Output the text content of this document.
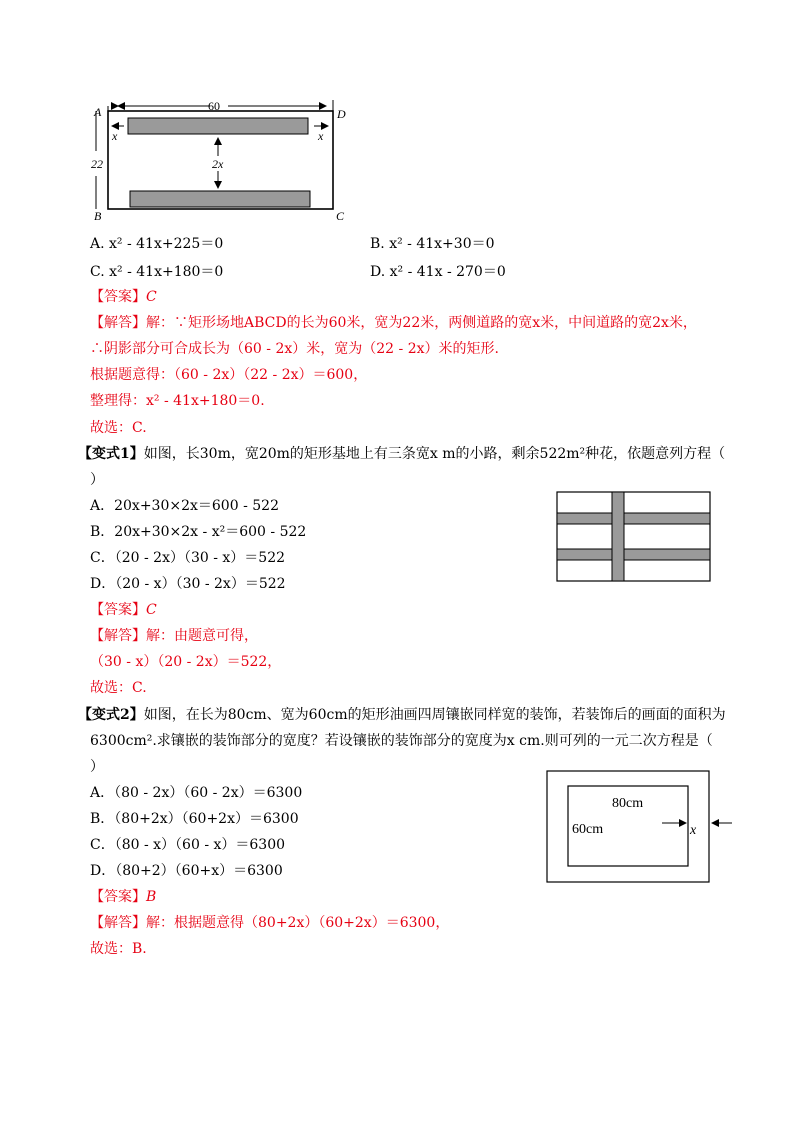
60
A	D
B	C
22	2x
x	x
A. x² - 41x+225＝0	B. x² - 41x+30＝0
C. x² - 41x+180＝0	D. x² - 41x - 270＝0
【答案】C
【解答】解：∵矩形场地ABCD的长为60米，宽为22米，两侧道路的宽x米，中间道路的宽2x米，
∴阴影部分可合成长为（60 - 2x）米，宽为（22 - 2x）米的矩形.
根据题意得：（60 - 2x）（22 - 2x）＝600，
整理得：x² - 41x+180＝0.
故选：C.
【变式1】如图，长30m，宽20m的矩形基地上有三条宽x m的小路，剩余522m²种花，依题意列方程（
）
A．20x+30×2x＝600 - 522
B．20x+30×2x - x²＝600 - 522
C．（20 - 2x）（30 - x）＝522
D．（20 - x）（30 - 2x）＝522
【答案】C
【解答】解：由题意可得，
（30 - x）（20 - 2x）＝522，
故选：C.
【变式2】如图，在长为80cm、宽为60cm的矩形油画四周镶嵌同样宽的装饰，若装饰后的画面的面积为
6300cm².求镶嵌的装饰部分的宽度？若设镶嵌的装饰部分的宽度为x cm.则可列的一元二次方程是（
）
A．（80 - 2x）（60 - 2x）＝6300
B．（80+2x）（60+2x）＝6300
C．（80 - x）（60 - x）＝6300
D．（80+2）（60+x）＝6300
80cm
60cm	x
【答案】B
【解答】解：根据题意得（80+2x）（60+2x）＝6300，
故选：B.
